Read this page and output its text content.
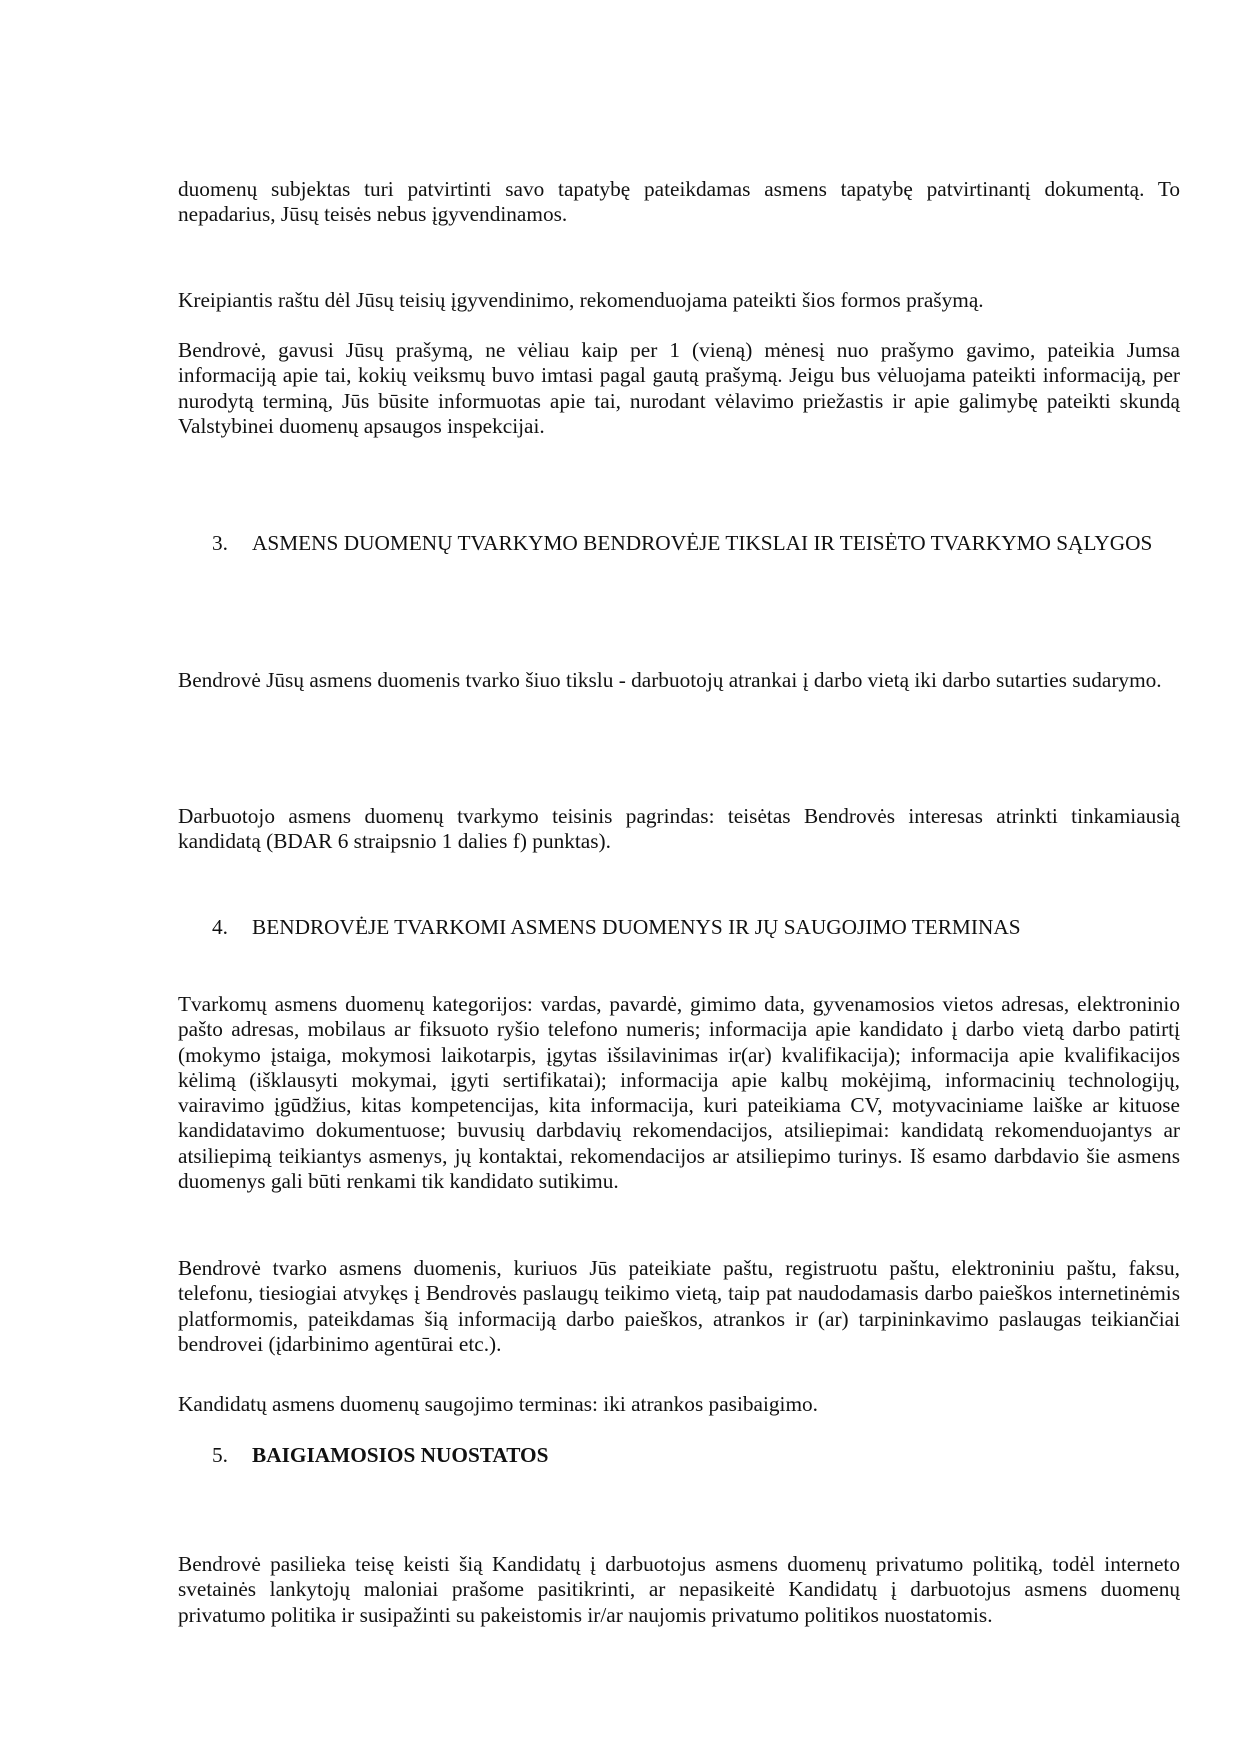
duomenų subjektas turi patvirtinti savo tapatybę pateikdamas asmens tapatybę patvirtinantį dokumentą. To nepadarius, Jūsų teisės nebus įgyvendinamos.

Kreipiantis raštu dėl Jūsų teisių įgyvendinimo, rekomenduojama pateikti šios formos prašymą.

Bendrovė, gavusi Jūsų prašymą, ne vėliau kaip per 1 (vieną) mėnesį nuo prašymo gavimo, pateikia Jumsa informaciją apie tai, kokių veiksmų buvo imtasi pagal gautą prašymą. Jeigu bus vėluojama pateikti informaciją, per nurodytą terminą, Jūs būsite informuotas apie tai, nurodant vėlavimo priežastis ir apie galimybę pateikti skundą Valstybinei duomenų apsaugos inspekcijai.

3.	ASMENS DUOMENŲ TVARKYMO BENDROVĖJE TIKSLAI IR TEISĖTO TVARKYMO SĄLYGOS

Bendrovė Jūsų asmens duomenis tvarko šiuo tikslu - darbuotojų atrankai į darbo vietą iki darbo sutarties sudarymo.

Darbuotojo asmens duomenų tvarkymo teisinis pagrindas: teisėtas Bendrovės interesas atrinkti tinkamiausią kandidatą (BDAR 6 straipsnio 1 dalies f) punktas).

4.	BENDROVĖJE TVARKOMI ASMENS DUOMENYS IR JŲ SAUGOJIMO TERMINAS

Tvarkomų asmens duomenų kategorijos: vardas, pavardė, gimimo data, gyvenamosios vietos adresas, elektroninio pašto adresas, mobilaus ar fiksuoto ryšio telefono numeris; informacija apie kandidato į darbo vietą darbo patirtį (mokymo įstaiga, mokymosi laikotarpis, įgytas išsilavinimas ir(ar) kvalifikacija); informacija apie kvalifikacijos kėlimą (išklausyti mokymai, įgyti sertifikatai); informacija apie kalbų mokėjimą, informacinių technologijų, vairavimo įgūdžius, kitas kompetencijas, kita informacija, kuri pateikiama CV, motyvaciniame laiške ar kituose kandidatavimo dokumentuose; buvusių darbdavių rekomendacijos, atsiliepimai: kandidatą rekomenduojantys ar atsiliepimą teikiantys asmenys, jų kontaktai, rekomendacijos ar atsiliepimo turinys. Iš esamo darbdavio šie asmens duomenys gali būti renkami tik kandidato sutikimu.

Bendrovė tvarko asmens duomenis, kuriuos Jūs pateikiate paštu, registruotu paštu, elektroniniu paštu, faksu, telefonu, tiesiogiai atvykęs į Bendrovės paslaugų teikimo vietą, taip pat naudodamasis darbo paieškos internetinėmis platformomis, pateikdamas šią informaciją darbo paieškos, atrankos ir (ar) tarpininkavimo paslaugas teikiančiai bendrovei (įdarbinimo agentūrai etc.).

Kandidatų asmens duomenų saugojimo terminas: iki atrankos pasibaigimo.

5.	BAIGIAMOSIOS NUOSTATOS

Bendrovė pasilieka teisę keisti šią Kandidatų į darbuotojus asmens duomenų privatumo politiką, todėl interneto svetainės lankytojų maloniai prašome pasitikrinti, ar nepasikeitė Kandidatų į darbuotojus asmens duomenų privatumo politika ir susipažinti su pakeistomis ir/ar naujomis privatumo politikos nuostatomis.
